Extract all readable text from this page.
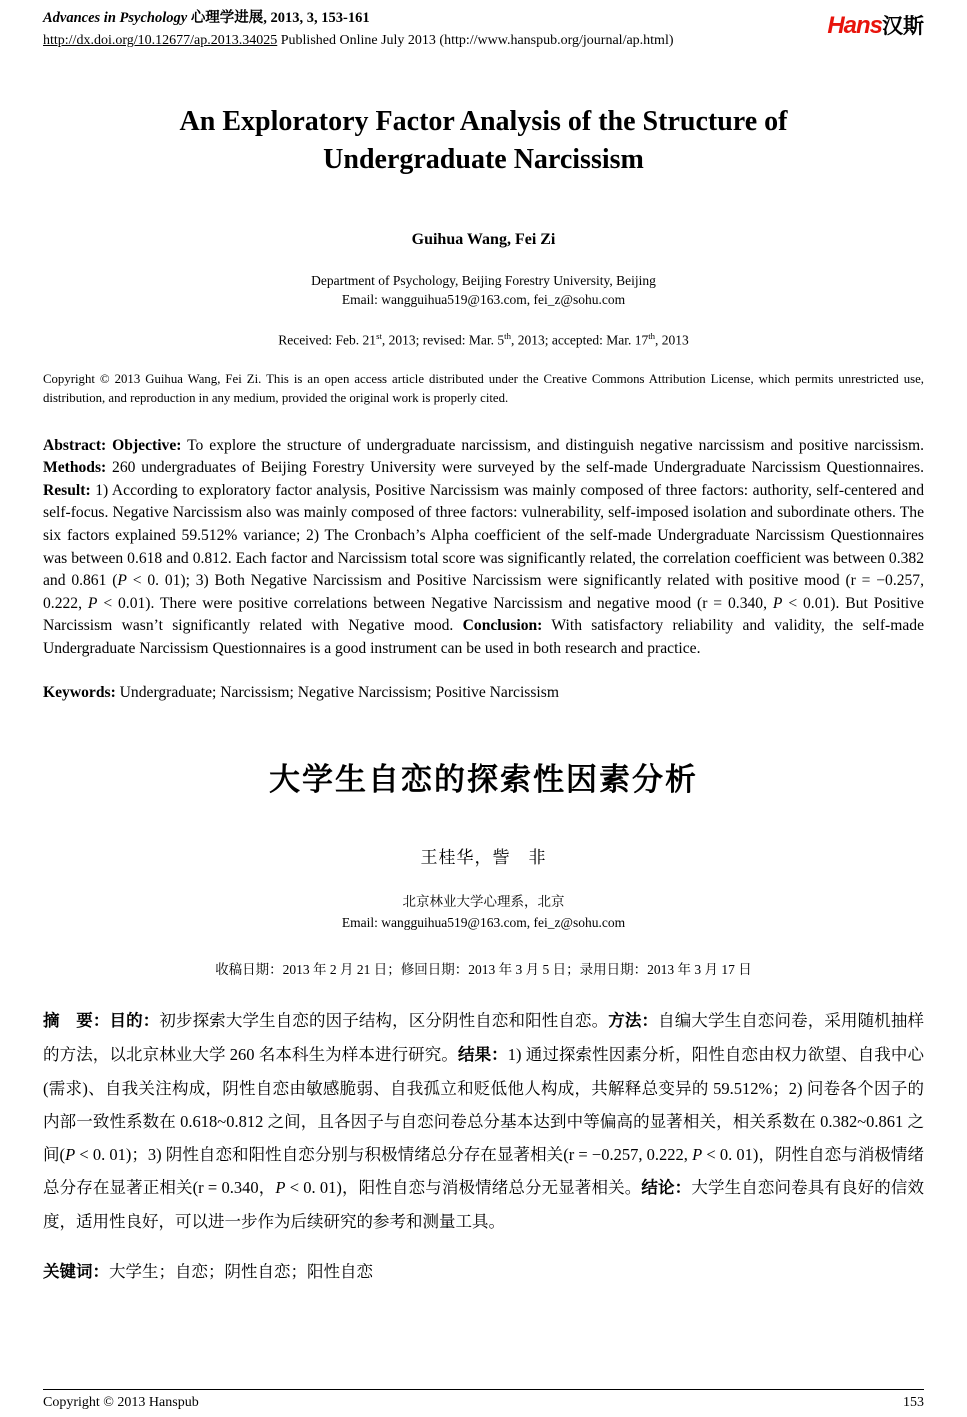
Advances in Psychology 心理学进展, 2013, 3, 153-161
http://dx.doi.org/10.12677/ap.2013.34025 Published Online July 2013 (http://www.hanspub.org/journal/ap.html)
Hans汉斯
An Exploratory Factor Analysis of the Structure of Undergraduate Narcissism
Guihua Wang, Fei Zi
Department of Psychology, Beijing Forestry University, Beijing
Email: wangguihua519@163.com, fei_z@sohu.com
Received: Feb. 21st, 2013; revised: Mar. 5th, 2013; accepted: Mar. 17th, 2013
Copyright © 2013 Guihua Wang, Fei Zi. This is an open access article distributed under the Creative Commons Attribution License, which permits unrestricted use, distribution, and reproduction in any medium, provided the original work is properly cited.
Abstract: Objective: To explore the structure of undergraduate narcissism, and distinguish negative narcissism and positive narcissism. Methods: 260 undergraduates of Beijing Forestry University were surveyed by the self-made Undergraduate Narcissism Questionnaires. Result: 1) According to exploratory factor analysis, Positive Narcissism was mainly composed of three factors: authority, self-centered and self-focus. Negative Narcissism also was mainly composed of three factors: vulnerability, self-imposed isolation and subordinate others. The six factors explained 59.512% variance; 2) The Cronbach’s Alpha coefficient of the self-made Undergraduate Narcissism Questionnaires was between 0.618 and 0.812. Each factor and Narcissism total score was significantly related, the correlation coefficient was between 0.382 and 0.861 (P < 0. 01); 3) Both Negative Narcissism and Positive Narcissism were significantly related with positive mood (r = −0.257, 0.222, P < 0.01). There were positive correlations between Negative Narcissism and negative mood (r = 0.340, P < 0.01). But Positive Narcissism wasn’t significantly related with Negative mood. Conclusion: With satisfactory reliability and validity, the self-made Undergraduate Narcissism Questionnaires is a good instrument can be used in both research and practice.
Keywords: Undergraduate; Narcissism; Negative Narcissism; Positive Narcissism
大学生自恋的探索性因素分析
王桂华，訾　非
北京林业大学心理系，北京
Email: wangguihua519@163.com, fei_z@sohu.com
收稿日期：2013 年 2 月 21 日；修回日期：2013 年 3 月 5 日；录用日期：2013 年 3 月 17 日
摘　要：目的：初步探索大学生自恋的因子结构，区分阴性自恋和阳性自恋。方法：自编大学生自恋问卷，采用随机抽样的方法，以北京林业大学 260 名本科生为样本进行研究。结果：1) 通过探索性因素分析，阳性自恋由权力欲望、自我中心(需求)、自我关注构成，阴性自恋由敏感脆弱、自我孤立和贬低他人构成，共解释总变异的 59.512%；2) 问卷各个因子的内部一致性系数在 0.618~0.812 之间，且各因子与自恋问卷总分基本达到中等偏高的显著相关，相关系数在 0.382~0.861 之间(P < 0. 01)；3) 阴性自恋和阳性自恋分别与积极情绪总分存在显著相关(r = −0.257, 0.222, P < 0. 01)，阴性自恋与消极情绪总分存在显著正相关(r = 0.340，P < 0. 01)，阳性自恋与消极情绪总分无显著相关。结论：大学生自恋问卷具有良好的信效度，适用性良好，可以进一步作为后续研究的参考和测量工具。
关键词：大学生；自恋；阴性自恋；阳性自恋
Copyright © 2013 Hanspub	153
